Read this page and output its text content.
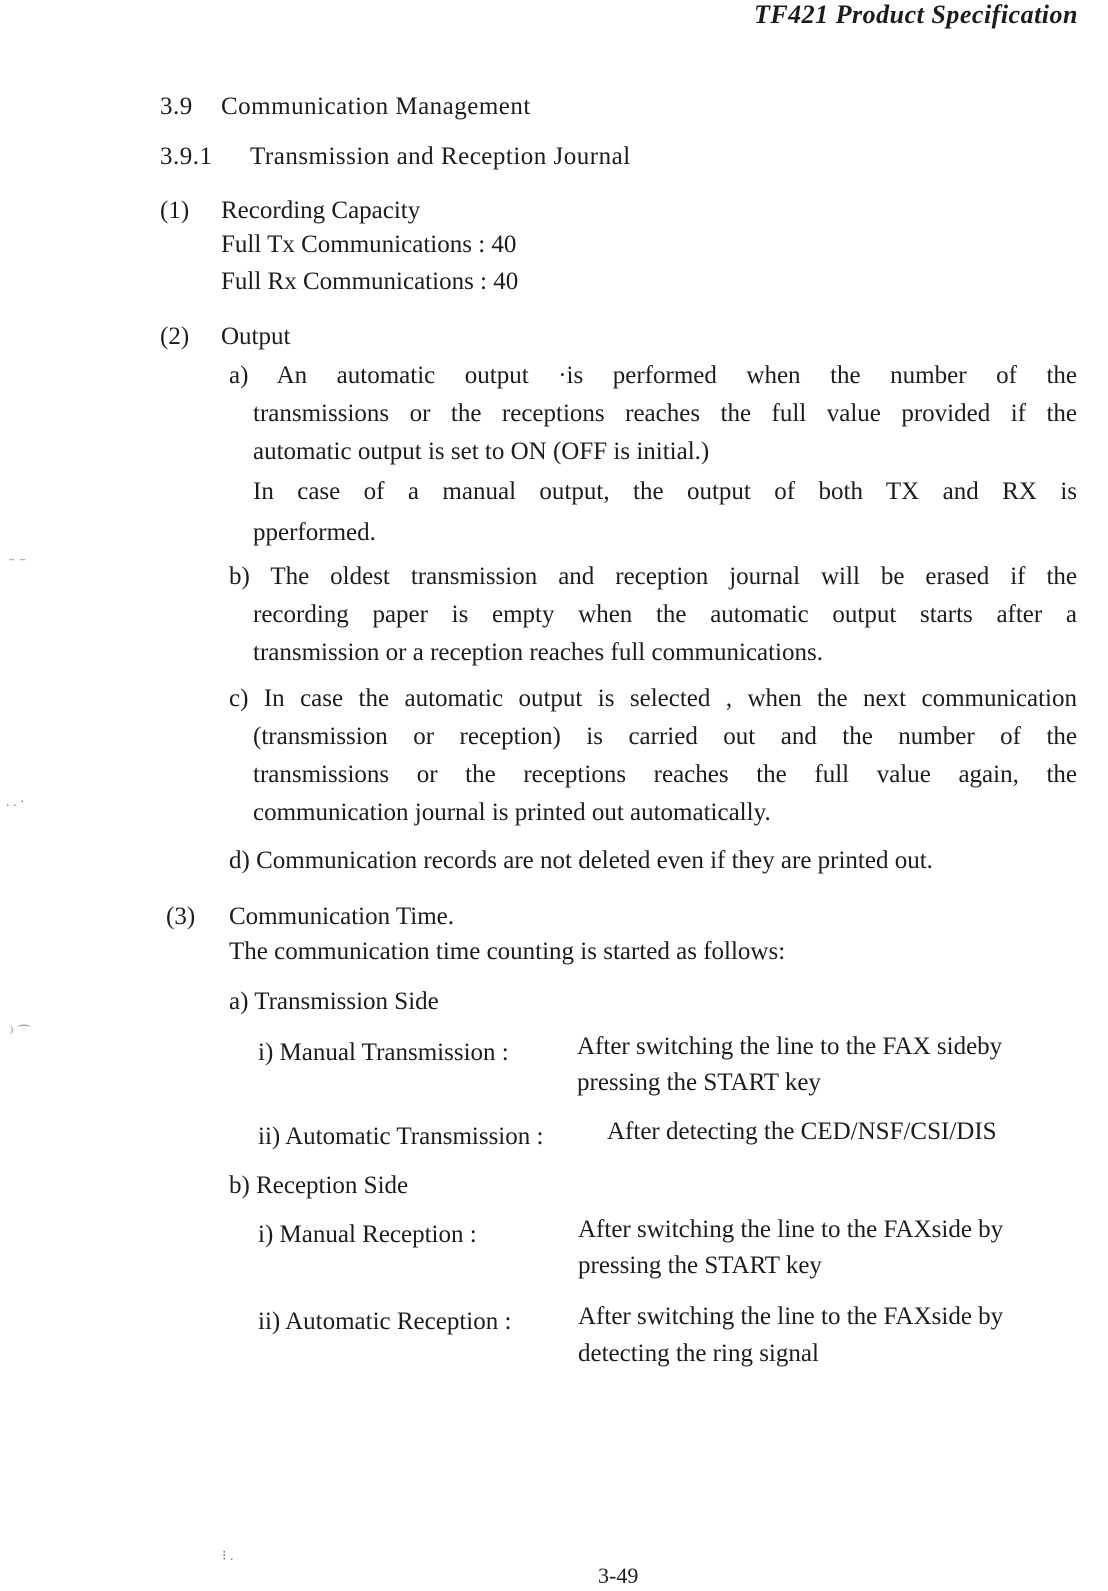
TF421 Product Specification
3.9 Communication Management
3.9.1 Transmission and Reception Journal
(1) Recording Capacity
Full Tx Communications : 40
Full Rx Communications : 40
(2) Output
a) An automatic output ·is performed when the number of the
transmissions or the receptions reaches the full value provided if the
automatic output is set to ON (OFF is initial.)
In case of a manual output, the output of both TX and RX is
pperformed.
b) The oldest transmission and reception journal will be erased if the
recording paper is empty when the automatic output starts after a
transmission or a reception reaches full communications.
c) In case the automatic output is selected , when the next communication
(transmission or reception) is carried out and the number of the
transmissions or the receptions reaches the full value again, the
communication journal is printed out automatically.
d) Communication records are not deleted even if they are printed out.
(3) Communication Time.
The communication time counting is started as follows:
a) Transmission Side
i) Manual Transmission :	After switching the line to the FAX sideby
pressing the START key
ii) Automatic Transmission :	After detecting the CED/NSF/CSI/DIS
b) Reception Side
i) Manual Reception :	After switching the line to the FAXside by
pressing the START key
ii) Automatic Reception :	After switching the line to the FAXside by
detecting the ring signal
⁻ ⁻
. . ·
⁾ ⌒
⁝ .
3-49
